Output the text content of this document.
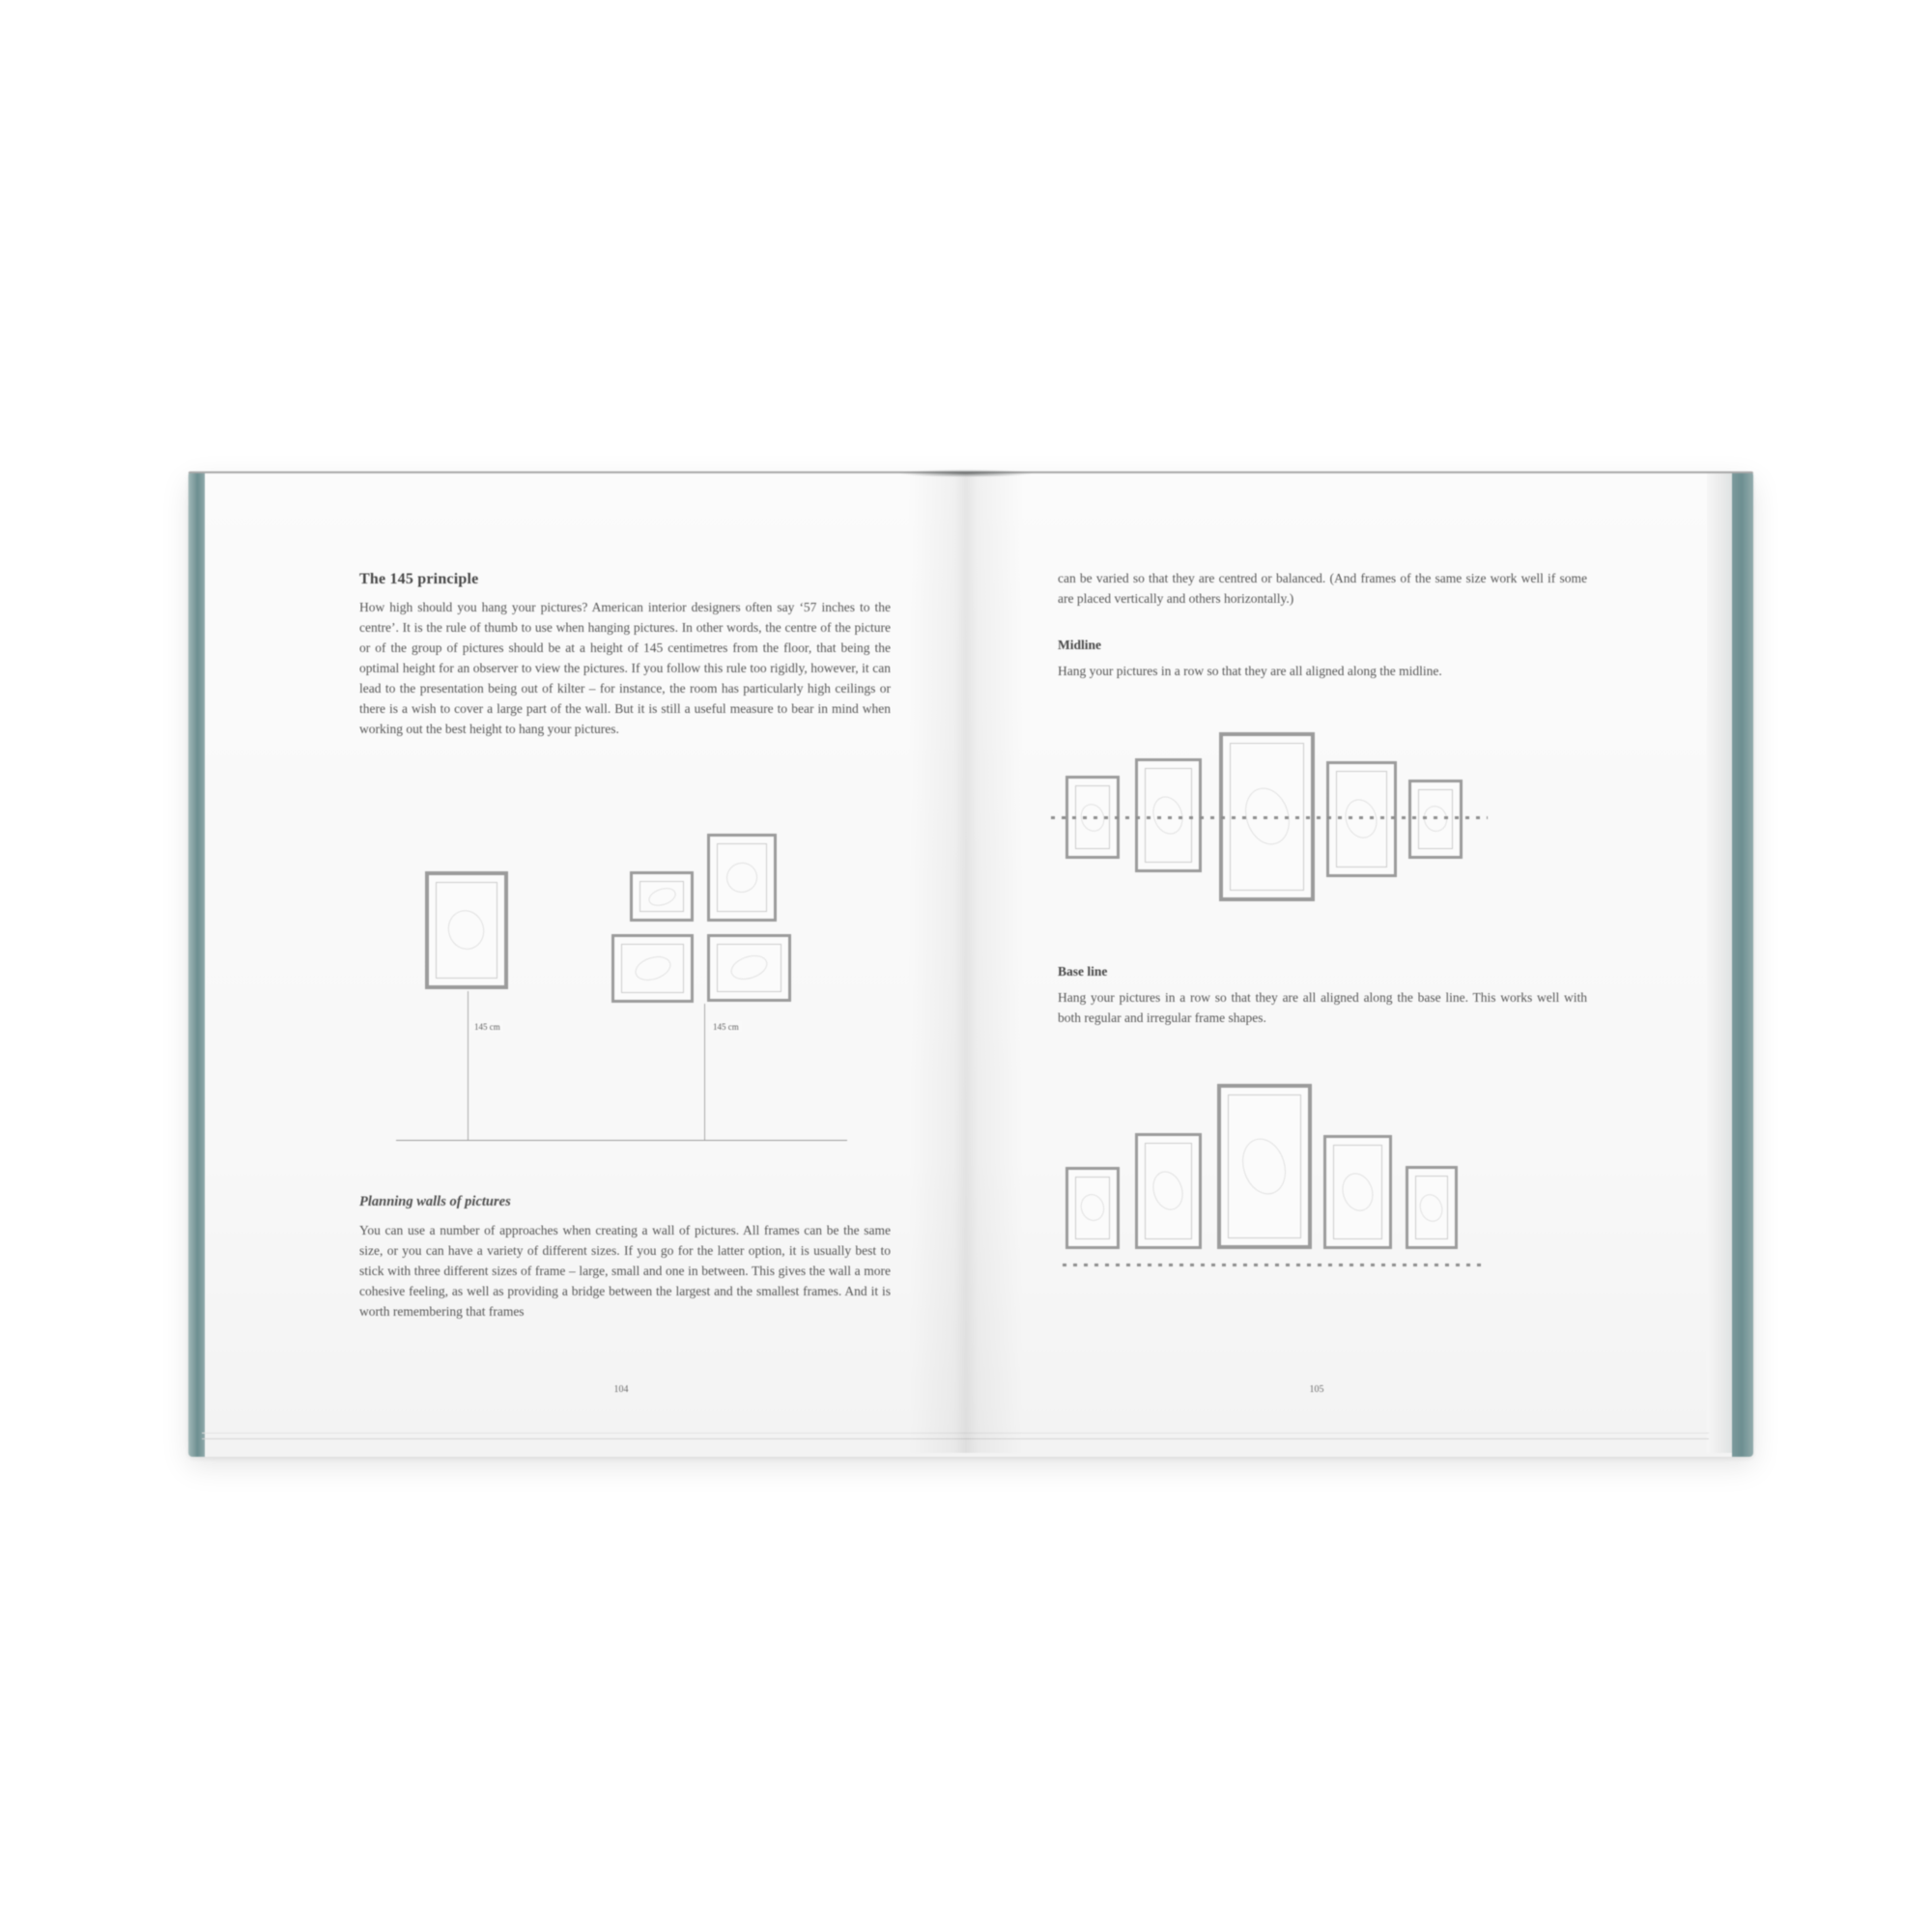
The 145 principle
How high should you hang your pictures? American interior designers often say ‘57 inches to the centre’. It is the rule of thumb to use when hanging pictures. In other words, the centre of the picture or of the group of pictures should be at a height of 145 centimetres from the floor, that being the optimal height for an observer to view the pictures. If you follow this rule too rigidly, however, it can lead to the presentation being out of kilter – for instance, the room has particularly high ceilings or there is a wish to cover a large part of the wall. But it is still a useful measure to bear in mind when working out the best height to hang your pictures.
145 cm	145 cm
Planning walls of pictures
You can use a number of approaches when creating a wall of pictures. All frames can be the same size, or you can have a variety of different sizes. If you go for the latter option, it is usually best to stick with three different sizes of frame – large, small and one in between. This gives the wall a more cohesive feeling, as well as providing a bridge between the largest and the smallest frames. And it is worth remembering that frames
104
can be varied so that they are centred or balanced. (And frames of the same size work well if some are placed vertically and others horizontally.)
Midline
Hang your pictures in a row so that they are all aligned along the midline.
Base line
Hang your pictures in a row so that they are all aligned along the base line. This works well with both regular and irregular frame shapes.
105
